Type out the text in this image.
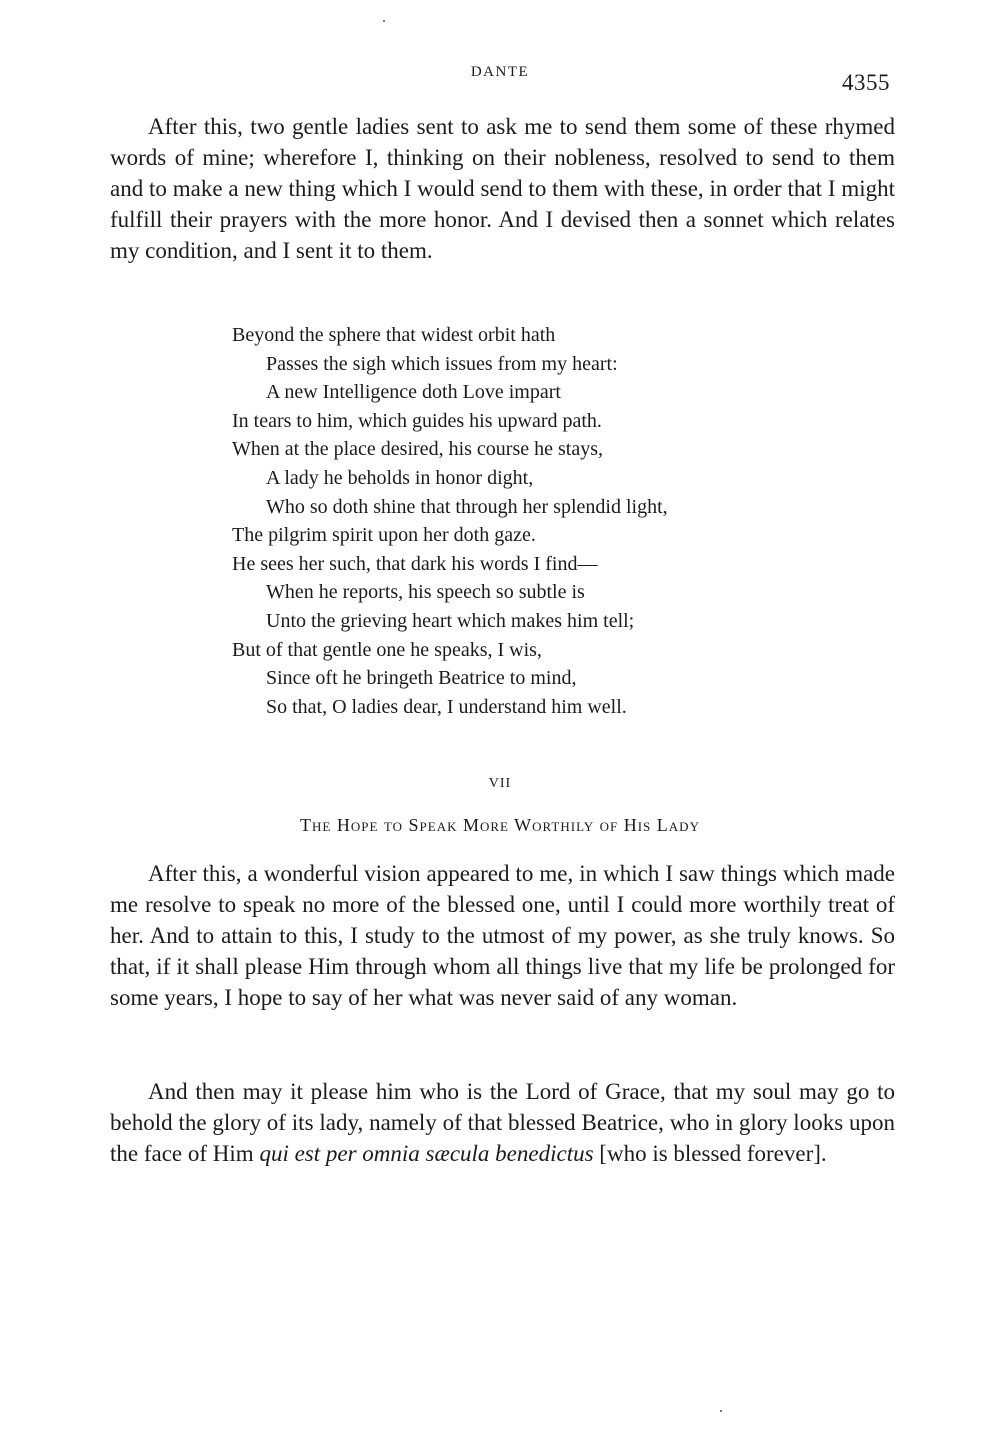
DANTE	4355

After this, two gentle ladies sent to ask me to send them some of these rhymed words of mine; wherefore I, thinking on their nobleness, resolved to send to them and to make a new thing which I would send to them with these, in order that I might fulfill their prayers with the more honor. And I devised then a sonnet which relates my condition, and I sent it to them.

Beyond the sphere that widest orbit hath
Passes the sigh which issues from my heart:
A new Intelligence doth Love impart
In tears to him, which guides his upward path.
When at the place desired, his course he stays,
A lady he beholds in honor dight,
Who so doth shine that through her splendid light,
The pilgrim spirit upon her doth gaze.
He sees her such, that dark his words I find—
When he reports, his speech so subtle is
Unto the grieving heart which makes him tell;
But of that gentle one he speaks, I wis,
Since oft he bringeth Beatrice to mind,
So that, O ladies dear, I understand him well.
VII
The Hope to Speak More Worthily of His Lady

After this, a wonderful vision appeared to me, in which I saw things which made me resolve to speak no more of the blessed one, until I could more worthily treat of her. And to attain to this, I study to the utmost of my power, as she truly knows. So that, if it shall please Him through whom all things live that my life be prolonged for some years, I hope to say of her what was never said of any woman.

And then may it please him who is the Lord of Grace, that my soul may go to behold the glory of its lady, namely of that blessed Beatrice, who in glory looks upon the face of Him qui est per omnia sæcula benedictus [who is blessed forever].
